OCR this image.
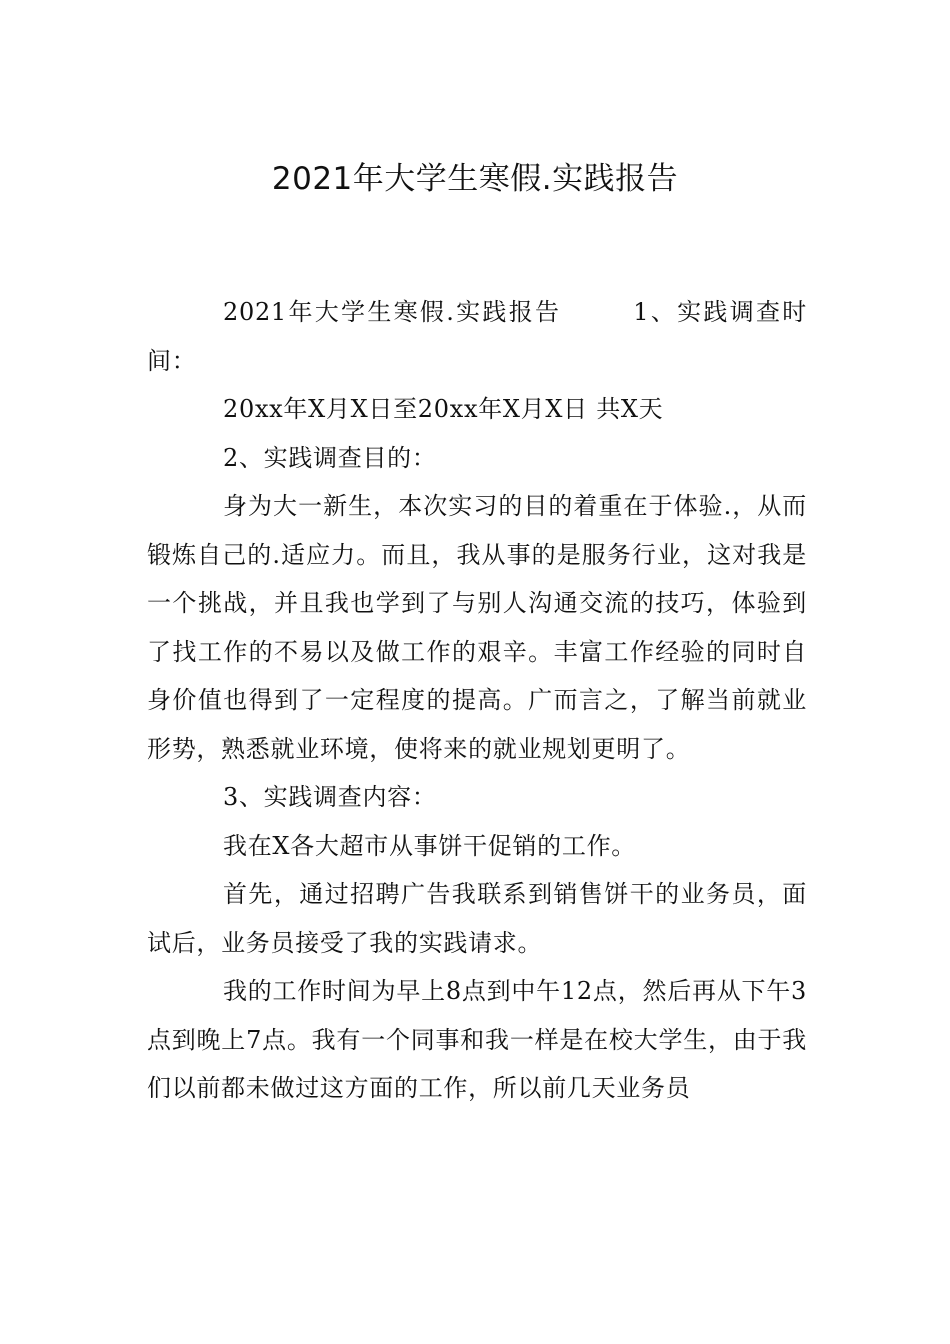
2021年大学生寒假.实践报告

2021年大学生寒假.实践报告	1、实践调查时间：

20xx年X月X日至20xx年X月X日 共X天

2、实践调查目的：

身为大一新生，本次实习的目的着重在于体验.，从而锻炼自己的.适应力。而且，我从事的是服务行业，这对我是一个挑战，并且我也学到了与别人沟通交流的技巧，体验到了找工作的不易以及做工作的艰辛。丰富工作经验的同时自身价值也得到了一定程度的提高。广而言之，了解当前就业形势，熟悉就业环境，使将来的就业规划更明了。

3、实践调查内容：

我在X各大超市从事饼干促销的工作。

首先，通过招聘广告我联系到销售饼干的业务员，面试后，业务员接受了我的实践请求。

我的工作时间为早上8点到中午12点，然后再从下午3点到晚上7点。我有一个同事和我一样是在校大学生，由于我们以前都未做过这方面的工作，所以前几天业务员
